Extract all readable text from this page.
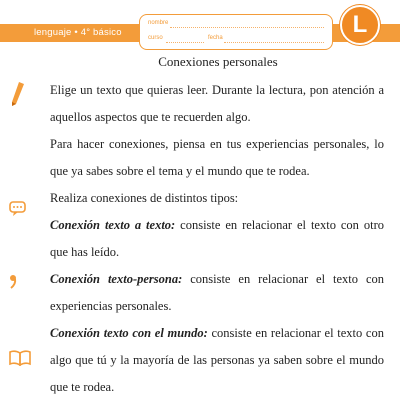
lenguaje • 4° básico
nombre
curso	fecha	L
Conexiones personales

Elige un texto que quieras leer. Durante la lectura, pon atención a

aquellos aspectos que te recuerden algo.

Para hacer conexiones, piensa en tus experiencias personales, lo

que ya sabes sobre el tema y el mundo que te rodea.

Realiza conexiones de distintos tipos:

Conexión texto a texto: consiste en relacionar el texto con otro

que has leído.

Conexión texto-persona: consiste en relacionar el texto con

experiencias personales.

Conexión texto con el mundo: consiste en relacionar el texto con

algo que tú y la mayoría de las personas ya saben sobre el mundo

que te rodea.
